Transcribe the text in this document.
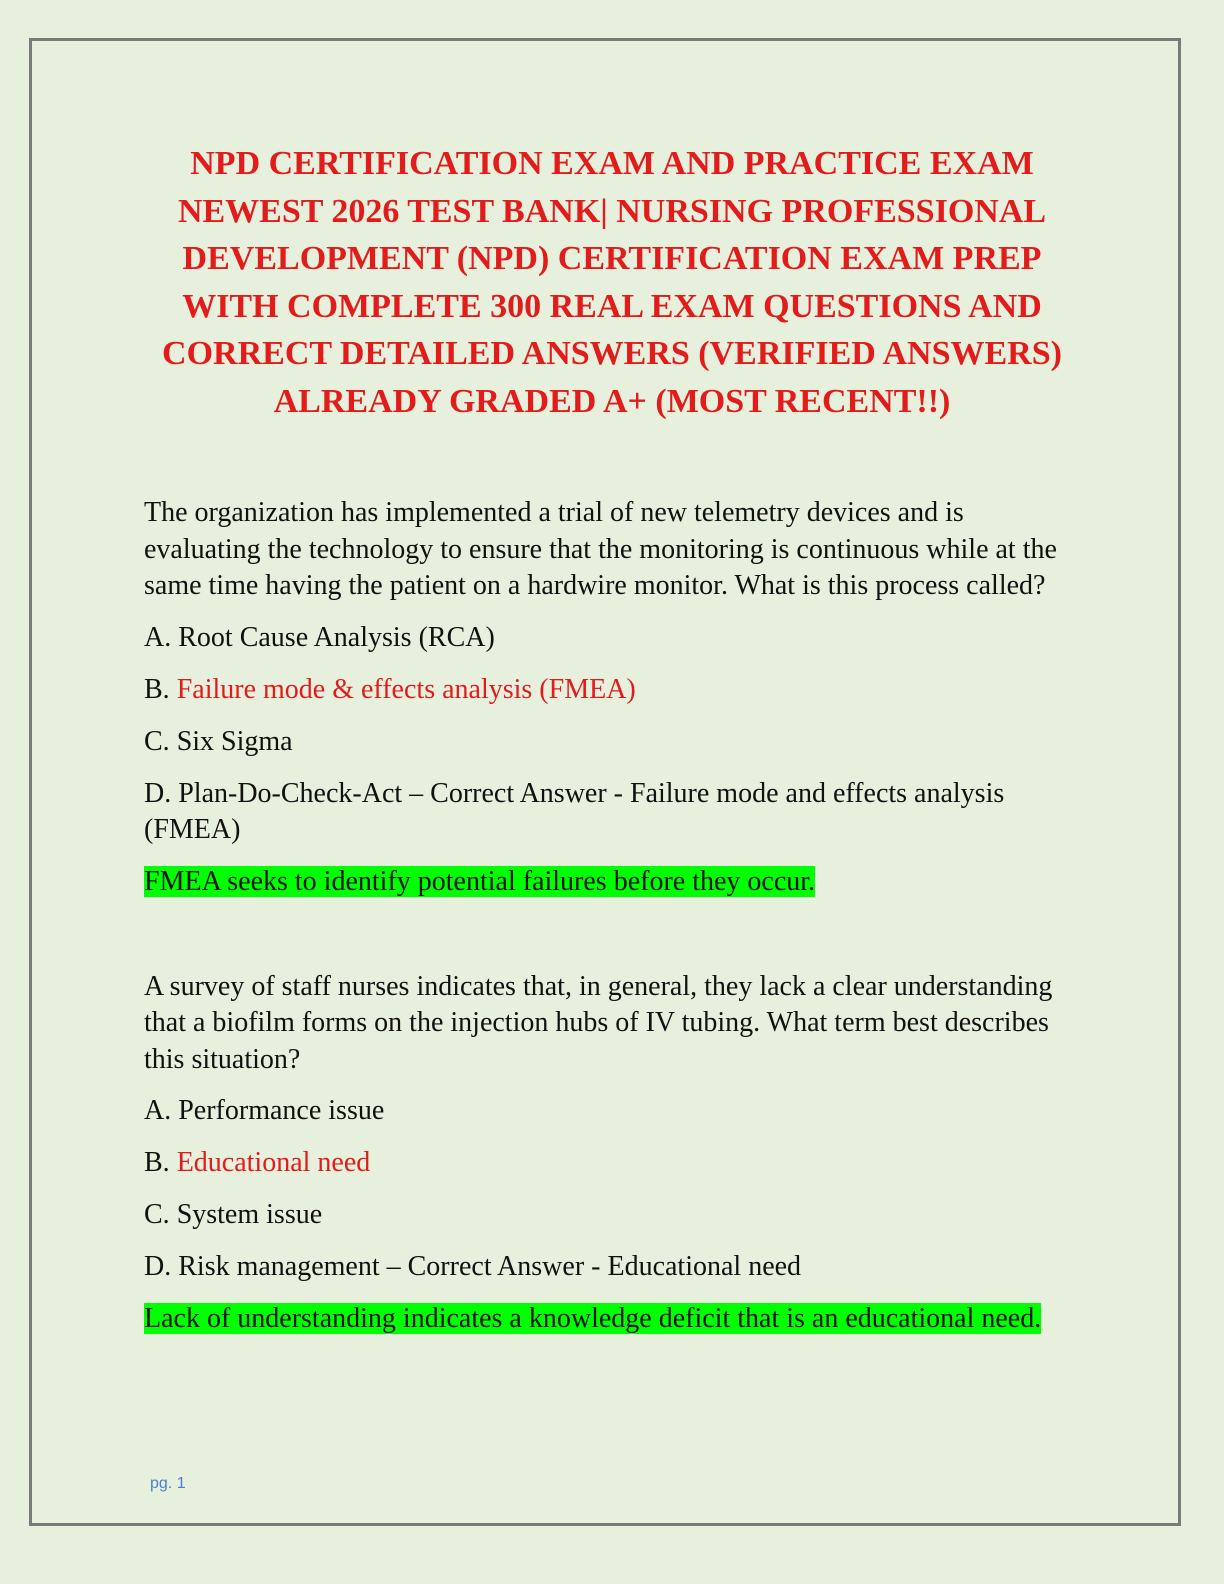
NPD CERTIFICATION EXAM AND PRACTICE EXAM NEWEST 2026 TEST BANK| NURSING PROFESSIONAL DEVELOPMENT (NPD) CERTIFICATION EXAM PREP WITH COMPLETE 300 REAL EXAM QUESTIONS AND CORRECT DETAILED ANSWERS (VERIFIED ANSWERS) ALREADY GRADED A+ (MOST RECENT!!)

The organization has implemented a trial of new telemetry devices and is evaluating the technology to ensure that the monitoring is continuous while at the same time having the patient on a hardwire monitor. What is this process called?

A. Root Cause Analysis (RCA)

B. Failure mode & effects analysis (FMEA)

C. Six Sigma

D. Plan-Do-Check-Act – Correct Answer - Failure mode and effects analysis (FMEA)

FMEA seeks to identify potential failures before they occur.

A survey of staff nurses indicates that, in general, they lack a clear understanding that a biofilm forms on the injection hubs of IV tubing. What term best describes this situation?

A. Performance issue

B. Educational need

C. System issue

D. Risk management – Correct Answer - Educational need

Lack of understanding indicates a knowledge deficit that is an educational need.

pg. 1
